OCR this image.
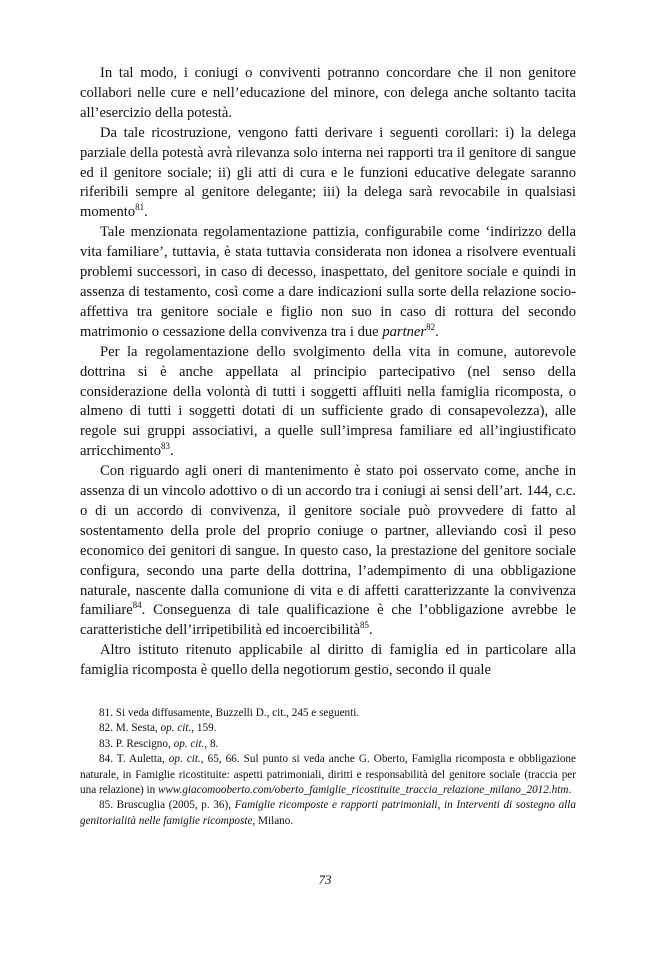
In tal modo, i coniugi o conviventi potranno concordare che il non genitore collabori nelle cure e nell’educazione del minore, con delega anche soltanto tacita all’esercizio della potestà.

Da tale ricostruzione, vengono fatti derivare i seguenti corollari: i) la delega parziale della potestà avrà rilevanza solo interna nei rapporti tra il genitore di sangue ed il genitore sociale; ii) gli atti di cura e le funzioni educative delegate saranno riferibili sempre al genitore delegante; iii) la delega sarà revocabile in qualsiasi momento$^{81}$.

Tale menzionata regolamentazione pattizia, configurabile come ‘indirizzo della vita familiare’, tuttavia, è stata tuttavia considerata non idonea a risolvere eventuali problemi successori, in caso di decesso, inaspettato, del genitore sociale e quindi in assenza di testamento, così come a dare indicazioni sulla sorte della relazione socio-affettiva tra genitore sociale e figlio non suo in caso di rottura del secondo matrimonio o cessazione della convivenza tra i due partner$^{82}$.

Per la regolamentazione dello svolgimento della vita in comune, autorevole dottrina si è anche appellata al principio partecipativo (nel senso della considerazione della volontà di tutti i soggetti affluiti nella famiglia ricomposta, o almeno di tutti i soggetti dotati di un sufficiente grado di consapevolezza), alle regole sui gruppi associativi, a quelle sull’impresa familiare ed all’ingiustificato arricchimento$^{83}$.

Con riguardo agli oneri di mantenimento è stato poi osservato come, anche in assenza di un vincolo adottivo o di un accordo tra i coniugi ai sensi dell’art. 144, c.c. o di un accordo di convivenza, il genitore sociale può provvedere di fatto al sostentamento della prole del proprio coniuge o partner, alleviando così il peso economico dei genitori di sangue. In questo caso, la prestazione del genitore sociale configura, secondo una parte della dottrina, l’adempimento di una obbligazione naturale, nascente dalla comunione di vita e di affetti caratterizzante la convivenza familiare$^{84}$. Conseguenza di tale qualificazione è che l’obbligazione avrebbe le caratteristiche dell’irripetibilità ed incoercibilità$^{85}$.

Altro istituto ritenuto applicabile al diritto di famiglia ed in particolare alla famiglia ricomposta è quello della negotiorum gestio, secondo il quale

81. Si veda diffusamente, Buzzelli D., cit., 245 e seguenti.

82. M. Sesta, op. cit., 159.

83. P. Rescigno, op. cit., 8.

84. T. Auletta, op. cit., 65, 66. Sul punto si veda anche G. Oberto, Famiglia ricomposta e obbligazione naturale, in Famiglie ricostituite: aspetti patrimoniali, diritti e responsabilità del genitore sociale (traccia per una relazione) in www.giacomooberto.com/oberto_famiglie_ricostituite_traccia_relazione_milano_2012.htm.

85. Bruscuglia (2005, p. 36), Famiglie ricomposte e rapporti patrimoniali, in Interventi di sostegno alla genitorialità nelle famiglie ricomposte, Milano.

73
